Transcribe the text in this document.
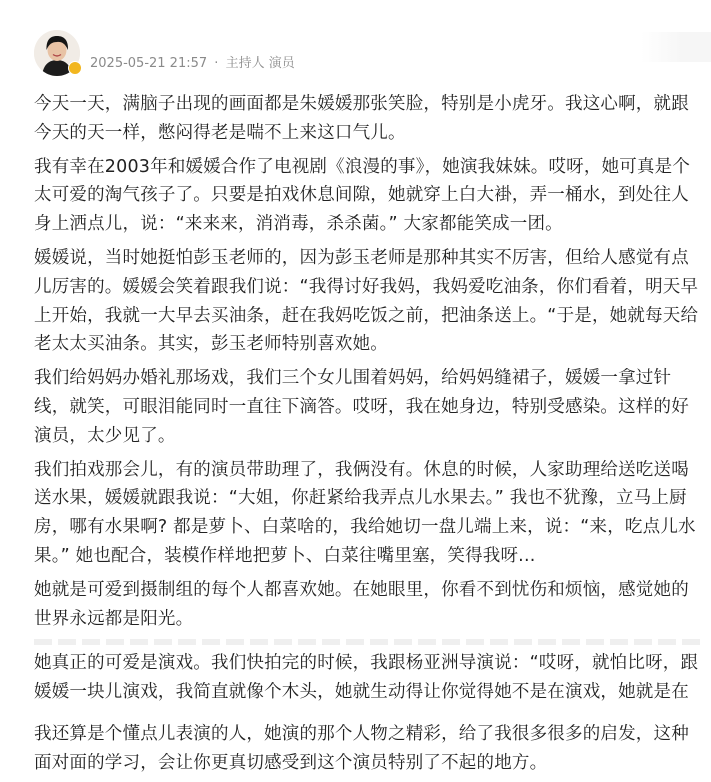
2025-05-21 21:57 · 主持人 演员

今天一天，满脑子出现的画面都是朱媛媛那张笑脸，特别是小虎牙。我这心啊，就跟今天的天一样，憋闷得老是喘不上来这口气儿。

我有幸在2003年和媛媛合作了电视剧《浪漫的事》，她演我妹妹。哎呀，她可真是个太可爱的淘气孩子了。只要是拍戏休息间隙，她就穿上白大褂，弄一桶水，到处往人身上洒点儿，说：“来来来，消消毒，杀杀菌。” 大家都能笑成一团。

媛媛说，当时她挺怕彭玉老师的，因为彭玉老师是那种其实不厉害，但给人感觉有点儿厉害的。媛媛会笑着跟我们说：“我得讨好我妈，我妈爱吃油条，你们看着，明天早上开始，我就一大早去买油条，赶在我妈吃饭之前，把油条送上。“于是，她就每天给老太太买油条。其实，彭玉老师特别喜欢她。

我们给妈妈办婚礼那场戏，我们三个女儿围着妈妈，给妈妈缝裙子，媛媛一拿过针线，就笑，可眼泪能同时一直往下滴答。哎呀，我在她身边，特别受感染。这样的好演员，太少见了。

我们拍戏那会儿，有的演员带助理了，我俩没有。休息的时候，人家助理给送吃送喝送水果，媛媛就跟我说：“大姐，你赶紧给我弄点儿水果去。” 我也不犹豫，立马上厨房，哪有水果啊? 都是萝卜、白菜啥的，我给她切一盘儿端上来，说：“来，吃点儿水果。” 她也配合，装模作样地把萝卜、白菜往嘴里塞，笑得我呀...

她就是可爱到摄制组的每个人都喜欢她。在她眼里，你看不到忧伤和烦恼，感觉她的世界永远都是阳光。

她真正的可爱是演戏。我们快拍完的时候，我跟杨亚洲导演说：“哎呀，就怕比呀，跟媛媛一块儿演戏，我简直就像个木头，她就生动得让你觉得她不是在演戏，她就是在

我还算是个懂点儿表演的人，她演的那个人物之精彩，给了我很多很多的启发，这种面对面的学习，会让你更真切感受到这个演员特别了不起的地方。
